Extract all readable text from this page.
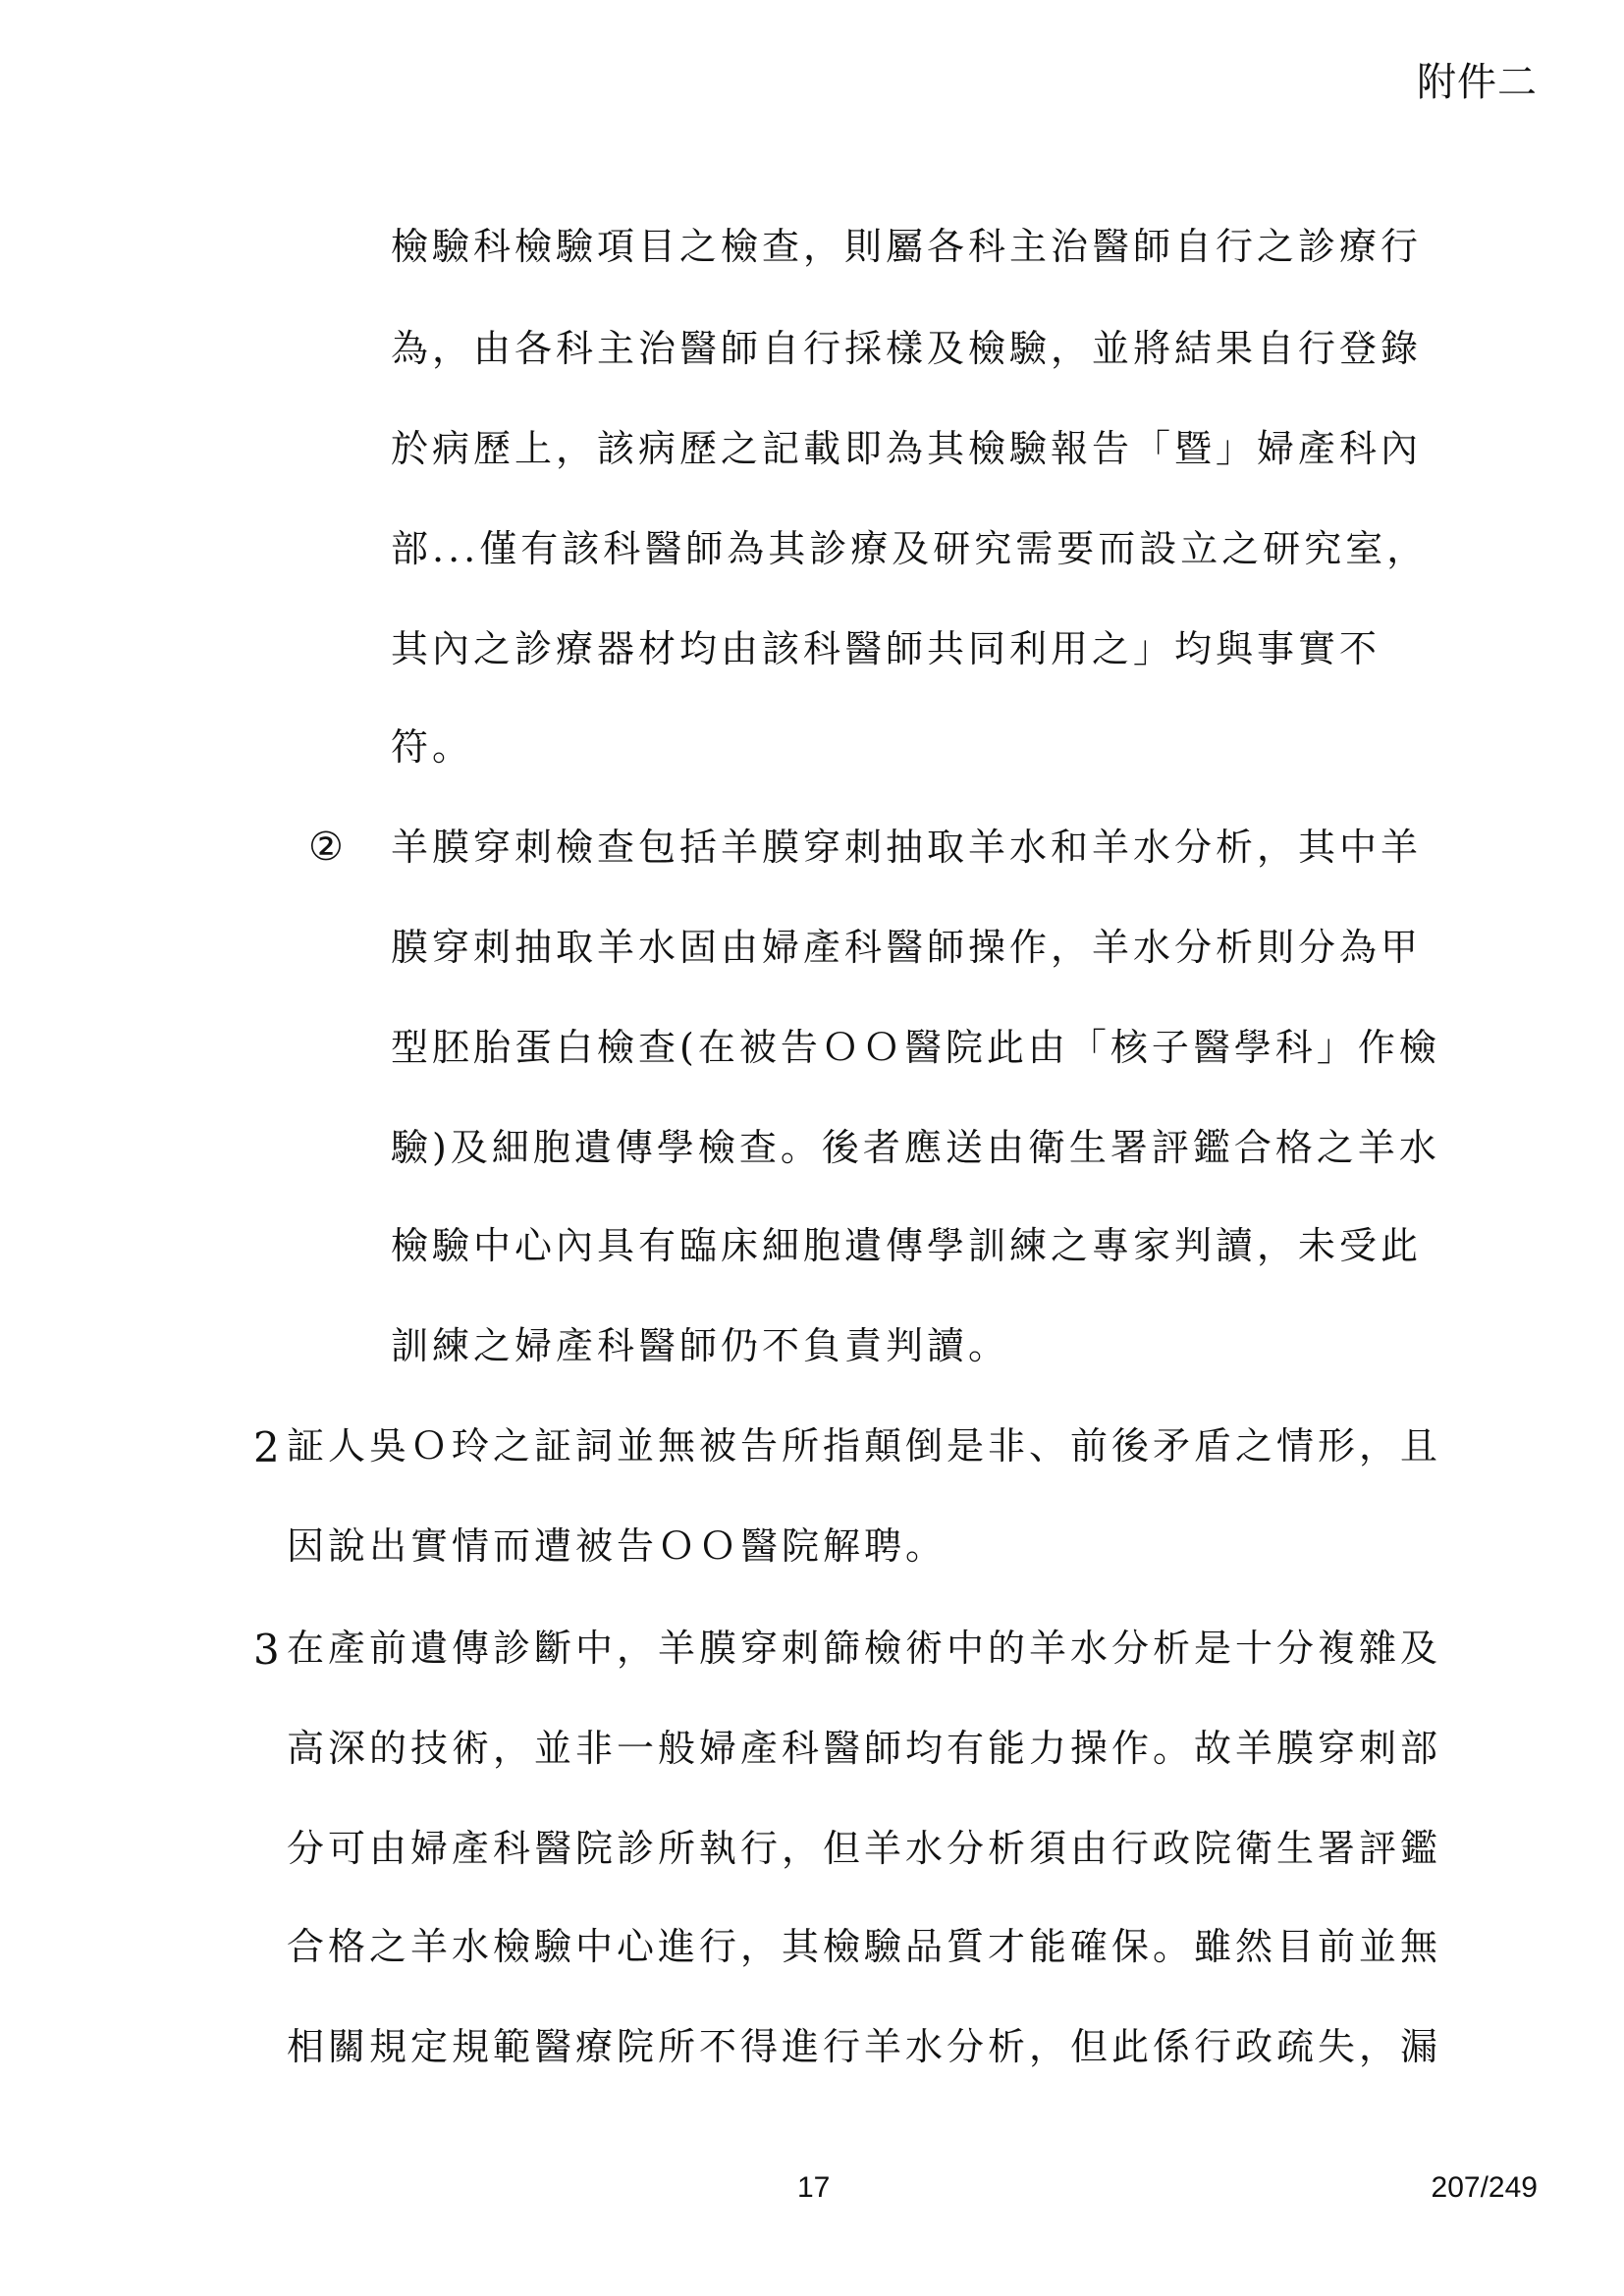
附件二
檢驗科檢驗項目之檢查，則屬各科主治醫師自行之診療行
為，由各科主治醫師自行採樣及檢驗，並將結果自行登錄
於病歷上，該病歷之記載即為其檢驗報告「暨」婦產科內
部...僅有該科醫師為其診療及研究需要而設立之研究室，
其內之診療器材均由該科醫師共同利用之」均與事實不
符。
② 羊膜穿刺檢查包括羊膜穿刺抽取羊水和羊水分析，其中羊
膜穿刺抽取羊水固由婦產科醫師操作，羊水分析則分為甲
型胚胎蛋白檢查(在被告ＯＯ醫院此由「核子醫學科」作檢
驗)及細胞遺傳學檢查。後者應送由衛生署評鑑合格之羊水
檢驗中心內具有臨床細胞遺傳學訓練之專家判讀，未受此
訓練之婦產科醫師仍不負責判讀。
2 証人吳Ｏ玲之証詞並無被告所指顛倒是非、前後矛盾之情形，且
因說出實情而遭被告ＯＯ醫院解聘。
3 在產前遺傳診斷中，羊膜穿刺篩檢術中的羊水分析是十分複雜及
高深的技術，並非一般婦產科醫師均有能力操作。故羊膜穿刺部
分可由婦產科醫院診所執行，但羊水分析須由行政院衛生署評鑑
合格之羊水檢驗中心進行，其檢驗品質才能確保。雖然目前並無
相關規定規範醫療院所不得進行羊水分析，但此係行政疏失，漏
17	207/249
